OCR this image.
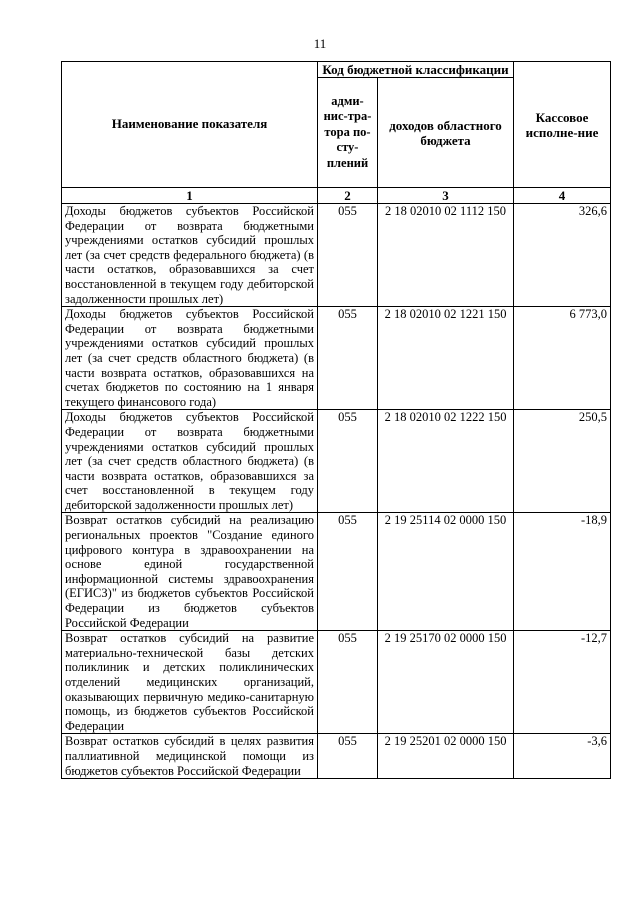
11
Наименование показателя	Код бюджетной классификации		Кассовое исполне-ние
	адми-нис-тра-тора по-сту-плений	доходов областного бюджета	
1	2	3	4
Доходы бюджетов субъектов Российской Федерации от возврата бюджетными учреждениями остатков субсидий прошлых лет (за счет средств федерального бюджета) (в части остатков, образовавшихся за счет восстановленной в текущем году дебиторской задолженности прошлых лет)	055	2 18 02010 02 1112 150	326,6
Доходы бюджетов субъектов Российской Федерации от возврата бюджетными учреждениями остатков субсидий прошлых лет (за счет средств областного бюджета) (в части возврата остатков, образовавшихся на счетах бюджетов по состоянию на 1 января текущего финансового года)	055	2 18 02010 02 1221 150	6 773,0
Доходы бюджетов субъектов Российской Федерации от возврата бюджетными учреждениями остатков субсидий прошлых лет (за счет средств областного бюджета) (в части возврата остатков, образовавшихся за счет восстановленной в текущем году дебиторской задолженности прошлых лет)	055	2 18 02010 02 1222 150	250,5
Возврат остатков субсидий на реализацию региональных проектов "Создание единого цифрового контура в здравоохранении на основе единой государственной информационной системы здравоохранения (ЕГИСЗ)" из бюджетов субъектов Российской Федерации из бюджетов субъектов Российской Федерации	055	2 19 25114 02 0000 150	-18,9
Возврат остатков субсидий на развитие материально-технической базы детских поликлиник и детских поликлинических отделений медицинских организаций, оказывающих первичную медико-санитарную помощь, из бюджетов субъектов Российской Федерации	055	2 19 25170 02 0000 150	-12,7
Возврат остатков субсидий в целях развития паллиативной медицинской помощи из бюджетов субъектов Российской Федерации	055	2 19 25201 02 0000 150	-3,6
